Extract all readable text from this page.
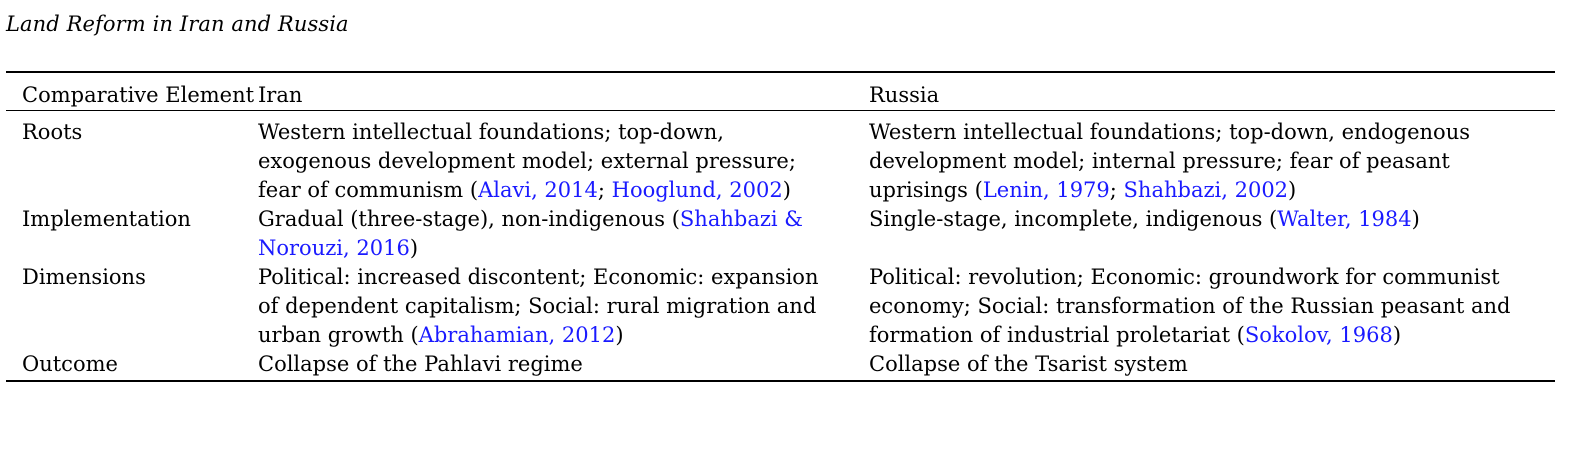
Land Reform in Iran and Russia

Comparative Element	Iran	Russia
Roots	Western intellectual foundations; top-down, exogenous development model; external pressure; fear of communism (Alavi, 2014; Hooglund, 2002)	Western intellectual foundations; top-down, endogenous development model; internal pressure; fear of peasant uprisings (Lenin, 1979; Shahbazi, 2002)
Implementation	Gradual (three-stage), non-indigenous (Shahbazi & Norouzi, 2016)	Single-stage, incomplete, indigenous (Walter, 1984)
Dimensions	Political: increased discontent; Economic: expansion of dependent capitalism; Social: rural migration and urban growth (Abrahamian, 2012)	Political: revolution; Economic: groundwork for communist economy; Social: transformation of the Russian peasant and formation of industrial proletariat (Sokolov, 1968)
Outcome	Collapse of the Pahlavi regime	Collapse of the Tsarist system
